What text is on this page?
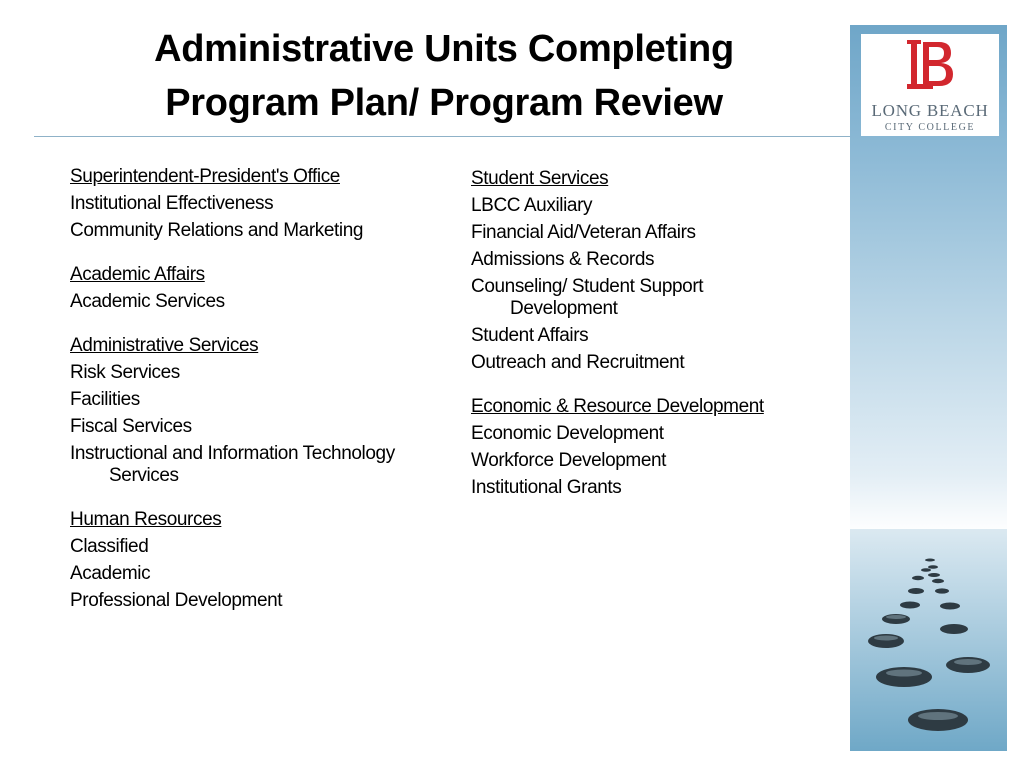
Administrative Units Completing
Program Plan/ Program Review
Superintendent-President's Office
Institutional Effectiveness
Community Relations and Marketing
Academic Affairs
Academic Services
Administrative Services
Risk Services
Facilities
Fiscal Services
Instructional and Information Technology Services
Human Resources
Classified
Academic
Professional Development
Student Services
LBCC Auxiliary
Financial Aid/Veteran Affairs
Admissions & Records
Counseling/ Student Support Development
Student Affairs
Outreach and Recruitment
Economic & Resource Development
Economic Development
Workforce Development
Institutional Grants
LONG BEACH
CITY COLLEGE
